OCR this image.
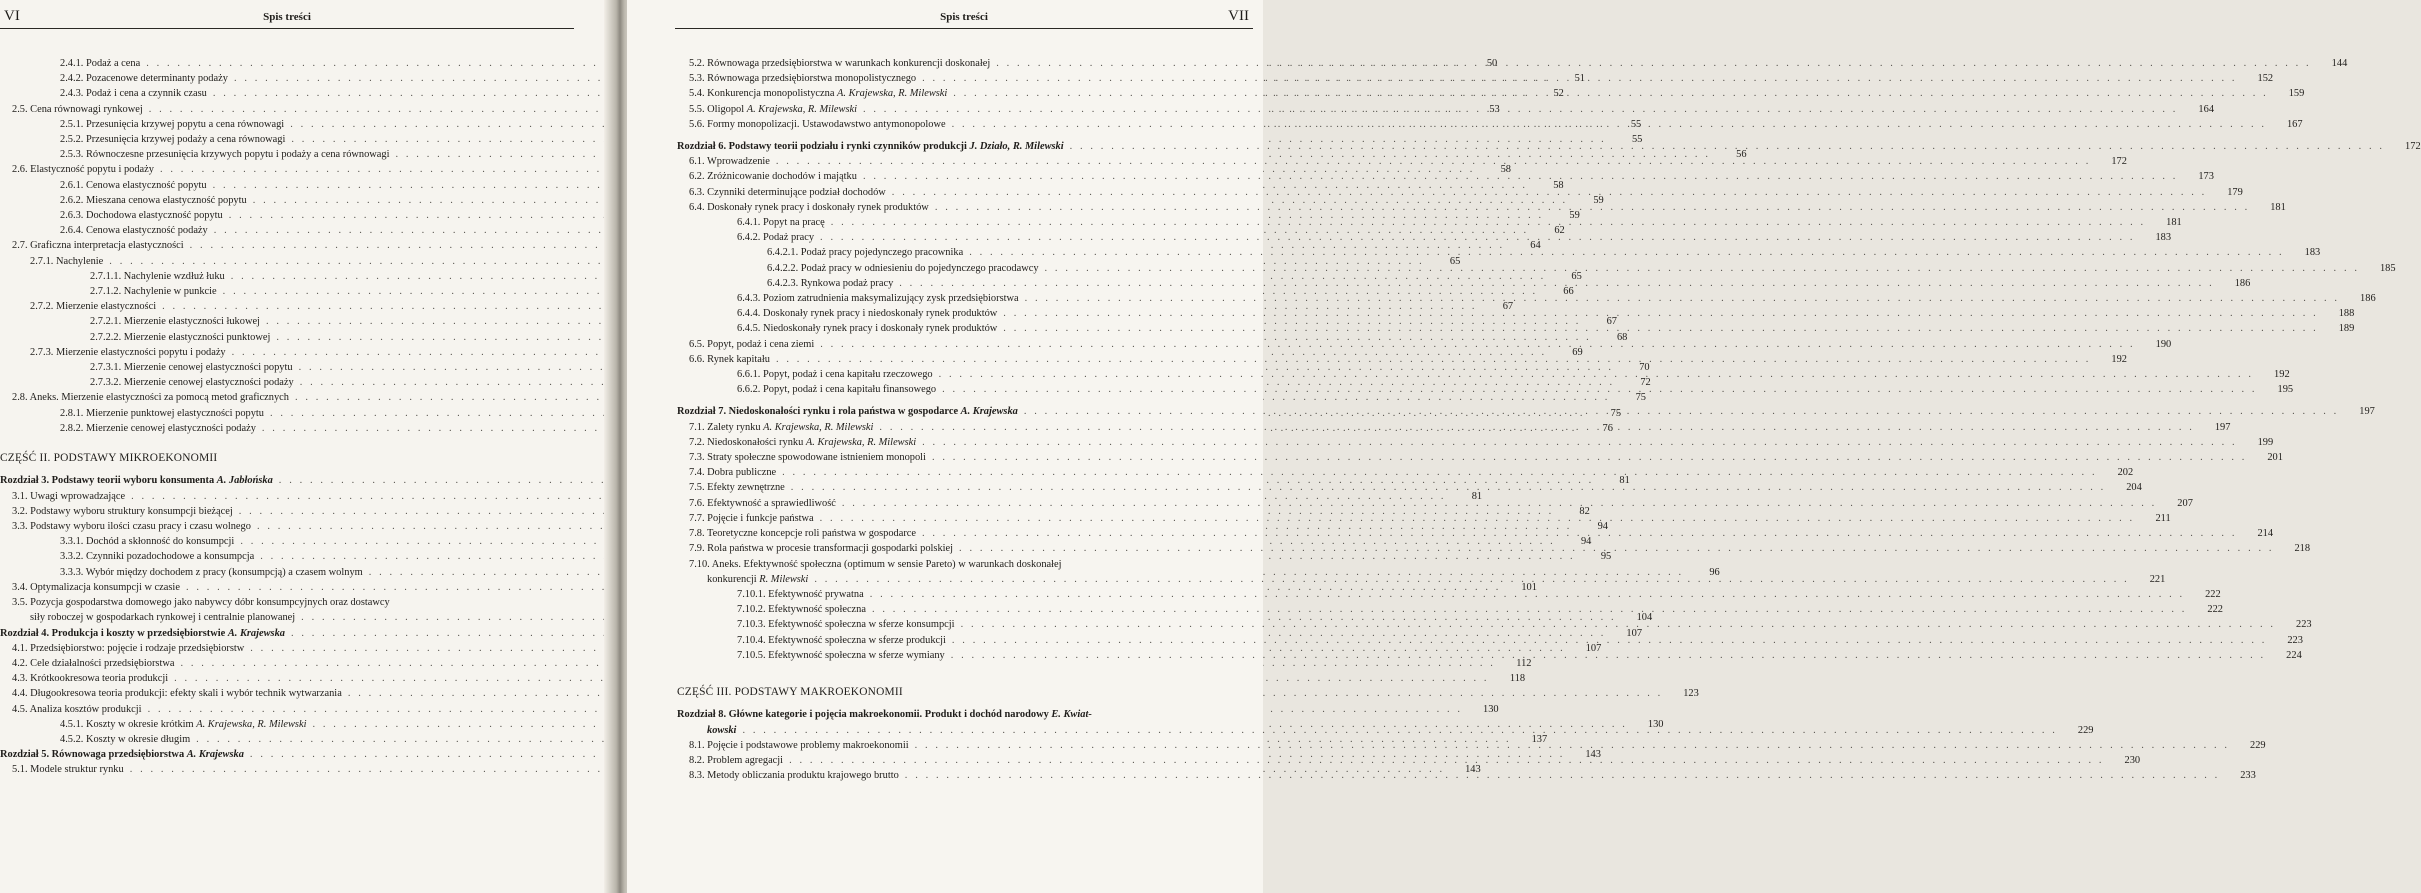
VI	Spis treści
2.4.1. Podaż a cena . . .	50
2.4.2. Pozacenowe determinanty podaży . . .	51
2.4.3. Podaż i cena a czynnik czasu . . .	52
2.5. Cena równowagi rynkowej . . .	53
2.5.1. Przesunięcia krzywej popytu a cena równowagi . . .	55
2.5.2. Przesunięcia krzywej podaży a cena równowagi . . .	55
2.5.3. Równoczesne przesunięcia krzywych popytu i podaży a cena równowagi . . .	56
2.6. Elastyczność popytu i podaży . . .	58
2.6.1. Cenowa elastyczność popytu . . .	58
2.6.2. Mieszana cenowa elastyczność popytu . . .	59
2.6.3. Dochodowa elastyczność popytu . . .	59
2.6.4. Cenowa elastyczność podaży . . .	62
2.7. Graficzna interpretacja elastyczności . . .	64
2.7.1. Nachylenie . . .	65
2.7.1.1. Nachylenie wzdłuż łuku . . .	65
2.7.1.2. Nachylenie w punkcie . . .	66
2.7.2. Mierzenie elastyczności . . .	67
2.7.2.1. Mierzenie elastyczności łukowej . . .	67
2.7.2.2. Mierzenie elastyczności punktowej . . .	68
2.7.3. Mierzenie elastyczności popytu i podaży . . .	69
2.7.3.1. Mierzenie cenowej elastyczności popytu . . .	70
2.7.3.2. Mierzenie cenowej elastyczności podaży . . .	72
2.8. Aneks. Mierzenie elastyczności za pomocą metod graficznych . . .	75
2.8.1. Mierzenie punktowej elastyczności popytu . . .	75
2.8.2. Mierzenie cenowej elastyczności podaży . . .	76
CZĘŚĆ II. PODSTAWY MIKROEKONOMII
Rozdział 3. Podstawy teorii wyboru konsumenta A. Jabłońska . . .	81
3.1. Uwagi wprowadzające . . .	81
3.2. Podstawy wyboru struktury konsumpcji bieżącej . . .	82
3.3. Podstawy wyboru ilości czasu pracy i czasu wolnego . . .	94
3.3.1. Dochód a skłonność do konsumpcji . . .	94
3.3.2. Czynniki pozadochodowe a konsumpcja . . .	95
3.3.3. Wybór między dochodem z pracy (konsumpcją) a czasem wolnym . . .	96
3.4. Optymalizacja konsumpcji w czasie . . .	101
3.5. Pozycja gospodarstwa domowego jako nabywcy dóbr konsumpcyjnych oraz dostawcy
siły roboczej w gospodarkach rynkowej i centralnie planowanej . . .	104
Rozdział 4. Produkcja i koszty w przedsiębiorstwie A. Krajewska . . .	107
4.1. Przedsiębiorstwo: pojęcie i rodzaje przedsiębiorstw . . .	107
4.2. Cele działalności przedsiębiorstwa . . .	112
4.3. Krótkookresowa teoria produkcji . . .	118
4.4. Długookresowa teoria produkcji: efekty skali i wybór technik wytwarzania . . .	123
4.5. Analiza kosztów produkcji . . .	130
4.5.1. Koszty w okresie krótkim A. Krajewska, R. Milewski . . .	130
4.5.2. Koszty w okresie długim . . .	137
Rozdział 5. Równowaga przedsiębiorstwa A. Krajewska . . .	143
5.1. Modele struktur rynku . . .	143
Spis treści	VII
5.2. Równowaga przedsiębiorstwa w warunkach konkurencji doskonałej . . .	144
5.3. Równowaga przedsiębiorstwa monopolistycznego . . .	152
5.4. Konkurencja monopolistyczna A. Krajewska, R. Milewski . . .	159
5.5. Oligopol A. Krajewska, R. Milewski . . .	164
5.6. Formy monopolizacji. Ustawodawstwo antymonopolowe . . .	167
Rozdział 6. Podstawy teorii podziału i rynki czynników produkcji J. Działo, R. Milewski . . .	172
6.1. Wprowadzenie . . .	172
6.2. Zróżnicowanie dochodów i majątku . . .	173
6.3. Czynniki determinujące podział dochodów . . .	179
6.4. Doskonały rynek pracy i doskonały rynek produktów . . .	181
6.4.1. Popyt na pracę . . .	181
6.4.2. Podaż pracy . . .	183
6.4.2.1. Podaż pracy pojedynczego pracownika . . .	183
6.4.2.2. Podaż pracy w odniesieniu do pojedynczego pracodawcy . . .	185
6.4.2.3. Rynkowa podaż pracy . . .	186
6.4.3. Poziom zatrudnienia maksymalizujący zysk przedsiębiorstwa . . .	186
6.4.4. Doskonały rynek pracy i niedoskonały rynek produktów . . .	188
6.4.5. Niedoskonały rynek pracy i doskonały rynek produktów . . .	189
6.5. Popyt, podaż i cena ziemi . . .	190
6.6. Rynek kapitału . . .	192
6.6.1. Popyt, podaż i cena kapitału rzeczowego . . .	192
6.6.2. Popyt, podaż i cena kapitału finansowego . . .	195
Rozdział 7. Niedoskonałości rynku i rola państwa w gospodarce A. Krajewska . . .	197
7.1. Zalety rynku A. Krajewska, R. Milewski . . .	197
7.2. Niedoskonałości rynku A. Krajewska, R. Milewski . . .	199
7.3. Straty społeczne spowodowane istnieniem monopoli . . .	201
7.4. Dobra publiczne . . .	202
7.5. Efekty zewnętrzne . . .	204
7.6. Efektywność a sprawiedliwość . . .	207
7.7. Pojęcie i funkcje państwa . . .	211
7.8. Teoretyczne koncepcje roli państwa w gospodarce . . .	214
7.9. Rola państwa w procesie transformacji gospodarki polskiej . . .	218
7.10. Aneks. Efektywność społeczna (optimum w sensie Pareto) w warunkach doskonałej
konkurencji R. Milewski . . .	221
7.10.1. Efektywność prywatna . . .	222
7.10.2. Efektywność społeczna . . .	222
7.10.3. Efektywność społeczna w sferze konsumpcji . . .	223
7.10.4. Efektywność społeczna w sferze produkcji . . .	223
7.10.5. Efektywność społeczna w sferze wymiany . . .	224
CZĘŚĆ III. PODSTAWY MAKROEKONOMII
Rozdział 8. Główne kategorie i pojęcia makroekonomii. Produkt i dochód narodowy E. Kwiat-
kowski . . .	229
8.1. Pojęcie i podstawowe problemy makroekonomii . . .	229
8.2. Problem agregacji . . .	230
8.3. Metody obliczania produktu krajowego brutto . . .	233
